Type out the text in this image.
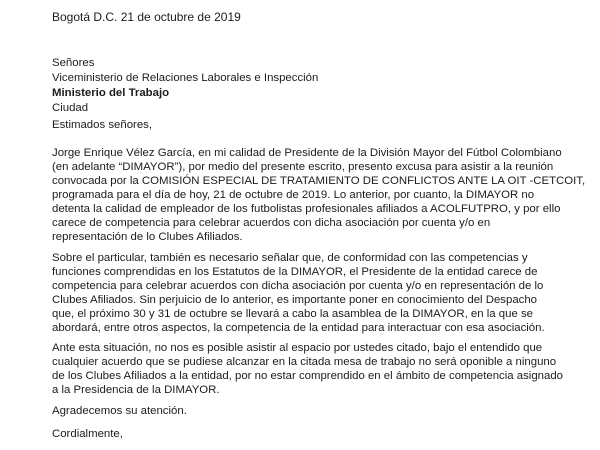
Bogotá D.C. 21 de octubre de 2019
Señores
Viceministerio de Relaciones Laborales e Inspección
Ministerio del Trabajo
Ciudad
Estimados señores,
Jorge Enrique Vélez García, en mi calidad de Presidente de la División Mayor del Fútbol Colombiano
(en adelante “DIMAYOR”), por medio del presente escrito, presento excusa para asistir a la reunión
convocada por la COMISIÓN ESPECIAL DE TRATAMIENTO DE CONFLICTOS ANTE LA OIT -CETCOIT,
programada para el día de hoy, 21 de octubre de 2019. Lo anterior, por cuanto, la DIMAYOR no
detenta la calidad de empleador de los futbolistas profesionales afiliados a ACOLFUTPRO, y por ello
carece de competencia para celebrar acuerdos con dicha asociación por cuenta y/o en
representación de lo Clubes Afiliados.
Sobre el particular, también es necesario señalar que, de conformidad con las competencias y
funciones comprendidas en los Estatutos de la DIMAYOR, el Presidente de la entidad carece de
competencia para celebrar acuerdos con dicha asociación por cuenta y/o en representación de lo
Clubes Afiliados. Sin perjuicio de lo anterior, es importante poner en conocimiento del Despacho
que, el próximo 30 y 31 de octubre se llevará a cabo la asamblea de la DIMAYOR, en la que se
abordará, entre otros aspectos, la competencia de la entidad para interactuar con esa asociación.
Ante esta situación, no nos es posible asistir al espacio por ustedes citado, bajo el entendido que
cualquier acuerdo que se pudiese alcanzar en la citada mesa de trabajo no será oponible a ninguno
de los Clubes Afiliados a la entidad, por no estar comprendido en el ámbito de competencia asignado
a la Presidencia de la DIMAYOR.
Agradecemos su atención.
Cordialmente,
